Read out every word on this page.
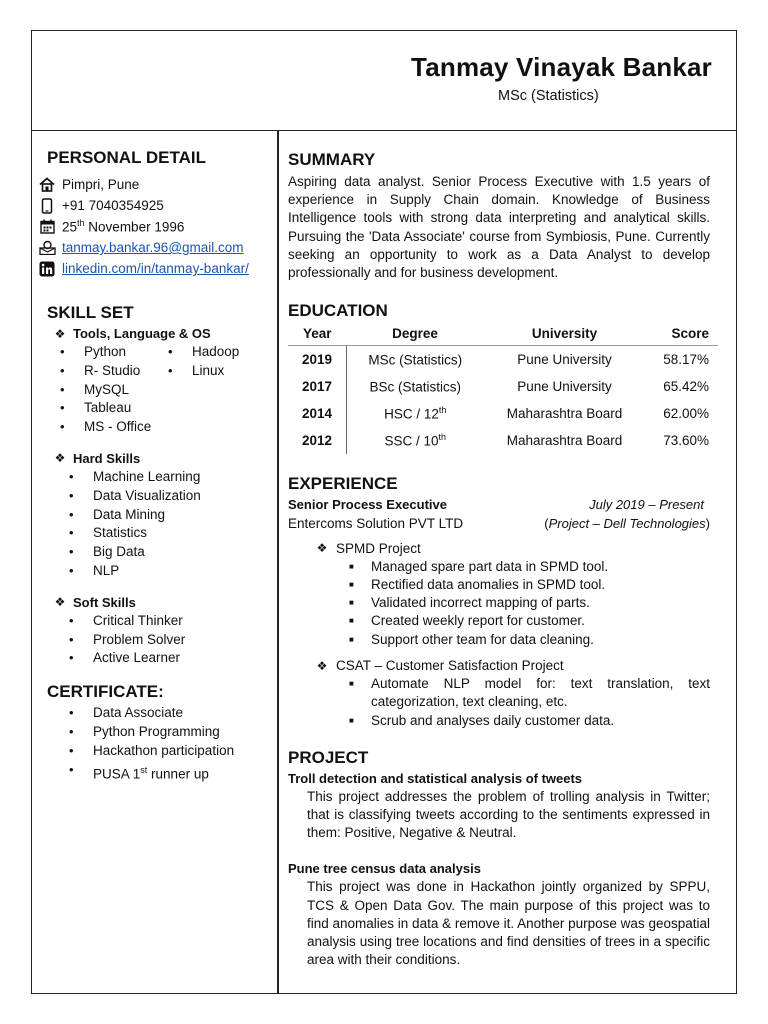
Tanmay Vinayak Bankar
MSc (Statistics)
PERSONAL DETAIL
Pimpri, Pune
+91 7040354925
25th November 1996
tanmay.bankar.96@gmail.com
linkedin.com/in/tanmay-bankar/
SKILL SET
❖ Tools, Language & OS
• Python
• R- Studio
• MySQL
• Tableau
• MS - Office
• Hadoop
• Linux
❖ Hard Skills
• Machine Learning
• Data Visualization
• Data Mining
• Statistics
• Big Data
• NLP
❖ Soft Skills
• Critical Thinker
• Problem Solver
• Active Learner
CERTIFICATE:
• Data Associate
• Python Programming
• Hackathon participation
• PUSA 1st runner up
SUMMARY
Aspiring data analyst. Senior Process Executive with 1.5 years of experience in Supply Chain domain. Knowledge of Business Intelligence tools with strong data interpreting and analytical skills. Pursuing the 'Data Associate' course from Symbiosis, Pune. Currently seeking an opportunity to work as a Data Analyst to develop professionally and for business development.
EDUCATION
Year	Degree	University	Score
2019	MSc (Statistics)	Pune University	58.17%
2017	BSc (Statistics)	Pune University	65.42%
2014	HSC / 12th	Maharashtra Board	62.00%
2012	SSC / 10th	Maharashtra Board	73.60%
EXPERIENCE
Senior Process Executive	July 2019 – Present
Entercoms Solution PVT LTD	(Project – Dell Technologies)
❖ SPMD Project
■ Managed spare part data in SPMD tool.
■ Rectified data anomalies in SPMD tool.
■ Validated incorrect mapping of parts.
■ Created weekly report for customer.
■ Support other team for data cleaning.
❖ CSAT – Customer Satisfaction Project
■ Automate NLP model for: text translation, text categorization, text cleaning, etc.
■ Scrub and analyses daily customer data.
PROJECT
Troll detection and statistical analysis of tweets
This project addresses the problem of trolling analysis in Twitter; that is classifying tweets according to the sentiments expressed in them: Positive, Negative & Neutral.
Pune tree census data analysis
This project was done in Hackathon jointly organized by SPPU, TCS & Open Data Gov. The main purpose of this project was to find anomalies in data & remove it. Another purpose was geospatial analysis using tree locations and find densities of trees in a specific area with their conditions.
